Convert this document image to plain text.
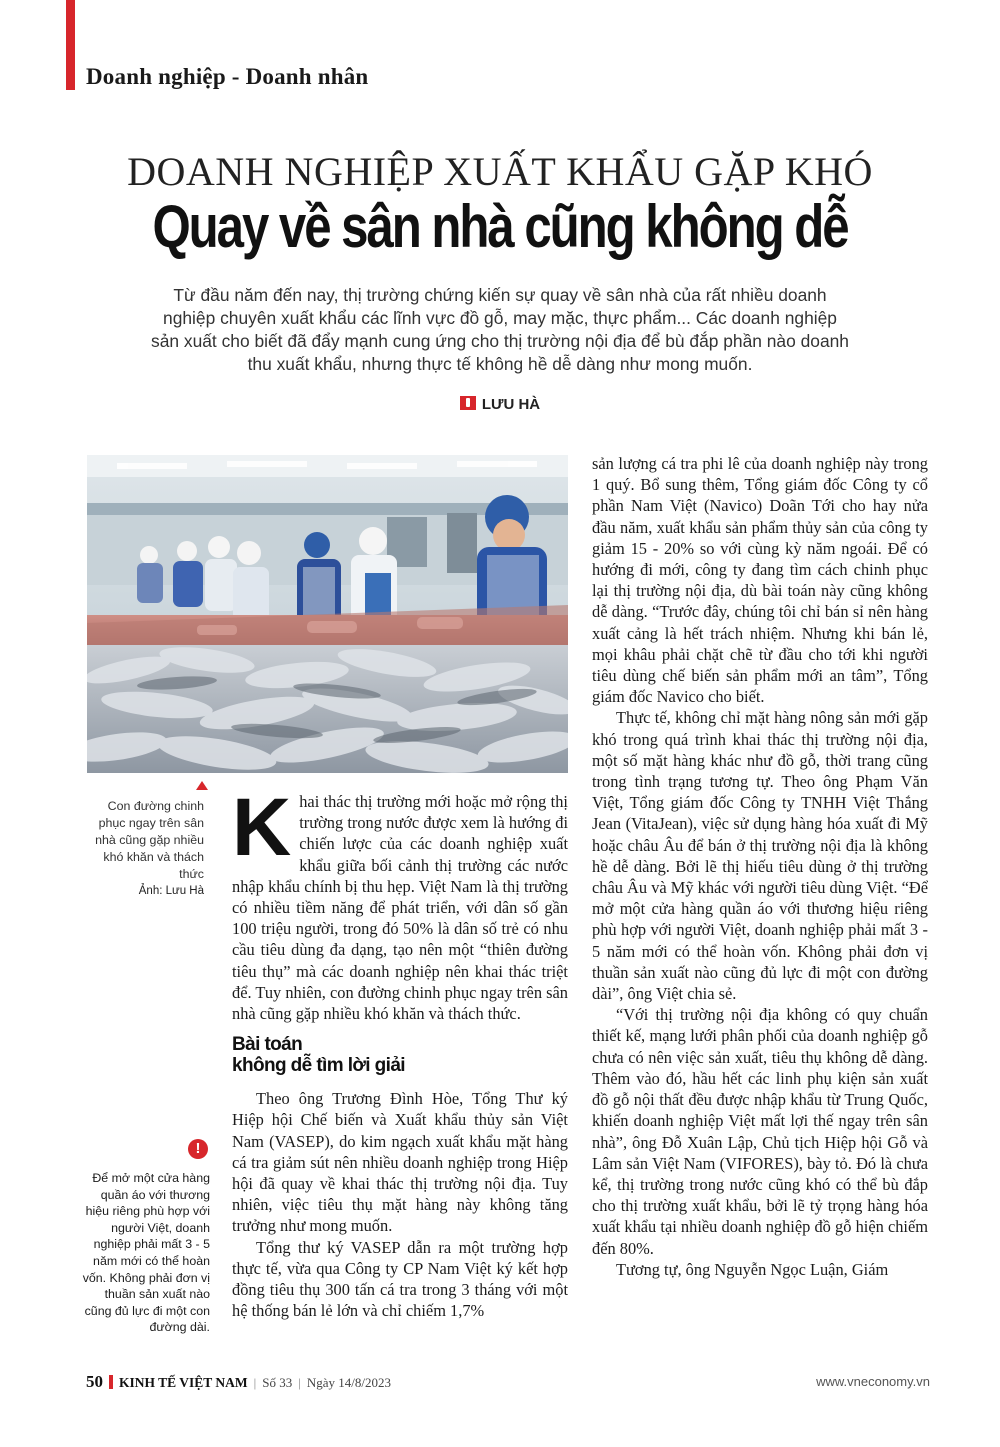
Doanh nghiệp - Doanh nhân
DOANH NGHIỆP XUẤT KHẨU GẶP KHÓ
Quay về sân nhà cũng không dễ
Từ đầu năm đến nay, thị trường chứng kiến sự quay về sân nhà của rất nhiều doanh nghiệp chuyên xuất khẩu các lĩnh vực đồ gỗ, may mặc, thực phẩm... Các doanh nghiệp sản xuất cho biết đã đẩy mạnh cung ứng cho thị trường nội địa để bù đắp phần nào doanh thu xuất khẩu, nhưng thực tế không hề dễ dàng như mong muốn.
LƯU HÀ
Con đường chinh phục ngay trên sân nhà cũng gặp nhiều khó khăn và thách thức
Ảnh: Lưu Hà

Khai thác thị trường mới hoặc mở rộng thị trường trong nước được xem là hướng đi chiến lược của các doanh nghiệp xuất khẩu giữa bối cảnh thị trường các nước nhập khẩu chính bị thu hẹp. Việt Nam là thị trường có nhiều tiềm năng để phát triển, với dân số gần 100 triệu người, trong đó 50% là dân số trẻ có nhu cầu tiêu dùng đa dạng, tạo nên một “thiên đường tiêu thụ” mà các doanh nghiệp nên khai thác triệt để. Tuy nhiên, con đường chinh phục ngay trên sân nhà cũng gặp nhiều khó khăn và thách thức.

Bài toán
không dễ tìm lời giải

Theo ông Trương Đình Hòe, Tổng Thư ký Hiệp hội Chế biến và Xuất khẩu thủy sản Việt Nam (VASEP), do kim ngạch xuất khẩu mặt hàng cá tra giảm sút nên nhiều doanh nghiệp trong Hiệp hội đã quay về khai thác thị trường nội địa. Tuy nhiên, việc tiêu thụ mặt hàng này không tăng trưởng như mong muốn.

Tổng thư ký VASEP dẫn ra một trường hợp thực tế, vừa qua Công ty CP Nam Việt ký kết hợp đồng tiêu thụ 300 tấn cá tra trong 3 tháng với một hệ thống bán lẻ lớn và chỉ chiếm 1,7%

sản lượng cá tra phi lê của doanh nghiệp này trong 1 quý. Bổ sung thêm, Tổng giám đốc Công ty cổ phần Nam Việt (Navico) Doãn Tới cho hay nửa đầu năm, xuất khẩu sản phẩm thủy sản của công ty giảm 15 - 20% so với cùng kỳ năm ngoái. Để có hướng đi mới, công ty đang tìm cách chinh phục lại thị trường nội địa, dù bài toán này cũng không dễ dàng. “Trước đây, chúng tôi chỉ bán sỉ nên hàng xuất cảng là hết trách nhiệm. Nhưng khi bán lẻ, mọi khâu phải chặt chẽ từ đầu cho tới khi người tiêu dùng chế biến sản phẩm mới an tâm”, Tổng giám đốc Navico cho biết.

Thực tế, không chỉ mặt hàng nông sản mới gặp khó trong quá trình khai thác thị trường nội địa, một số mặt hàng khác như đồ gỗ, thời trang cũng trong tình trạng tương tự. Theo ông Phạm Văn Việt, Tổng giám đốc Công ty TNHH Việt Thắng Jean (VitaJean), việc sử dụng hàng hóa xuất đi Mỹ hoặc châu Âu để bán ở thị trường nội địa là không hề dễ dàng. Bởi lẽ thị hiếu tiêu dùng ở thị trường châu Âu và Mỹ khác với người tiêu dùng Việt. “Để mở một cửa hàng quần áo với thương hiệu riêng phù hợp với người Việt, doanh nghiệp phải mất 3 - 5 năm mới có thể hoàn vốn. Không phải đơn vị thuần sản xuất nào cũng đủ lực đi một con đường dài”, ông Việt chia sẻ.

“Với thị trường nội địa không có quy chuẩn thiết kế, mạng lưới phân phối của doanh nghiệp gỗ chưa có nên việc sản xuất, tiêu thụ không dễ dàng. Thêm vào đó, hầu hết các linh phụ kiện sản xuất đồ gỗ nội thất đều được nhập khẩu từ Trung Quốc, khiến doanh nghiệp Việt mất lợi thế ngay trên sân nhà”, ông Đỗ Xuân Lập, Chủ tịch Hiệp hội Gỗ và Lâm sản Việt Nam (VIFORES), bày tỏ. Đó là chưa kể, thị trường trong nước cũng khó có thể bù đắp cho thị trường xuất khẩu, bởi lẽ tỷ trọng hàng hóa xuất khẩu tại nhiều doanh nghiệp đồ gỗ hiện chiếm đến 80%.

Tương tự, ông Nguyễn Ngọc Luận, Giám

!
Để mở một cửa hàng quần áo với thương hiệu riêng phù hợp với người Việt, doanh nghiệp phải mất 3 - 5 năm mới có thể hoàn vốn. Không phải đơn vị thuần sản xuất nào cũng đủ lực đi một con đường dài.
50 KINH TẾ VIỆT NAM | Số 33 | Ngày 14/8/2023	www.vneconomy.vn
